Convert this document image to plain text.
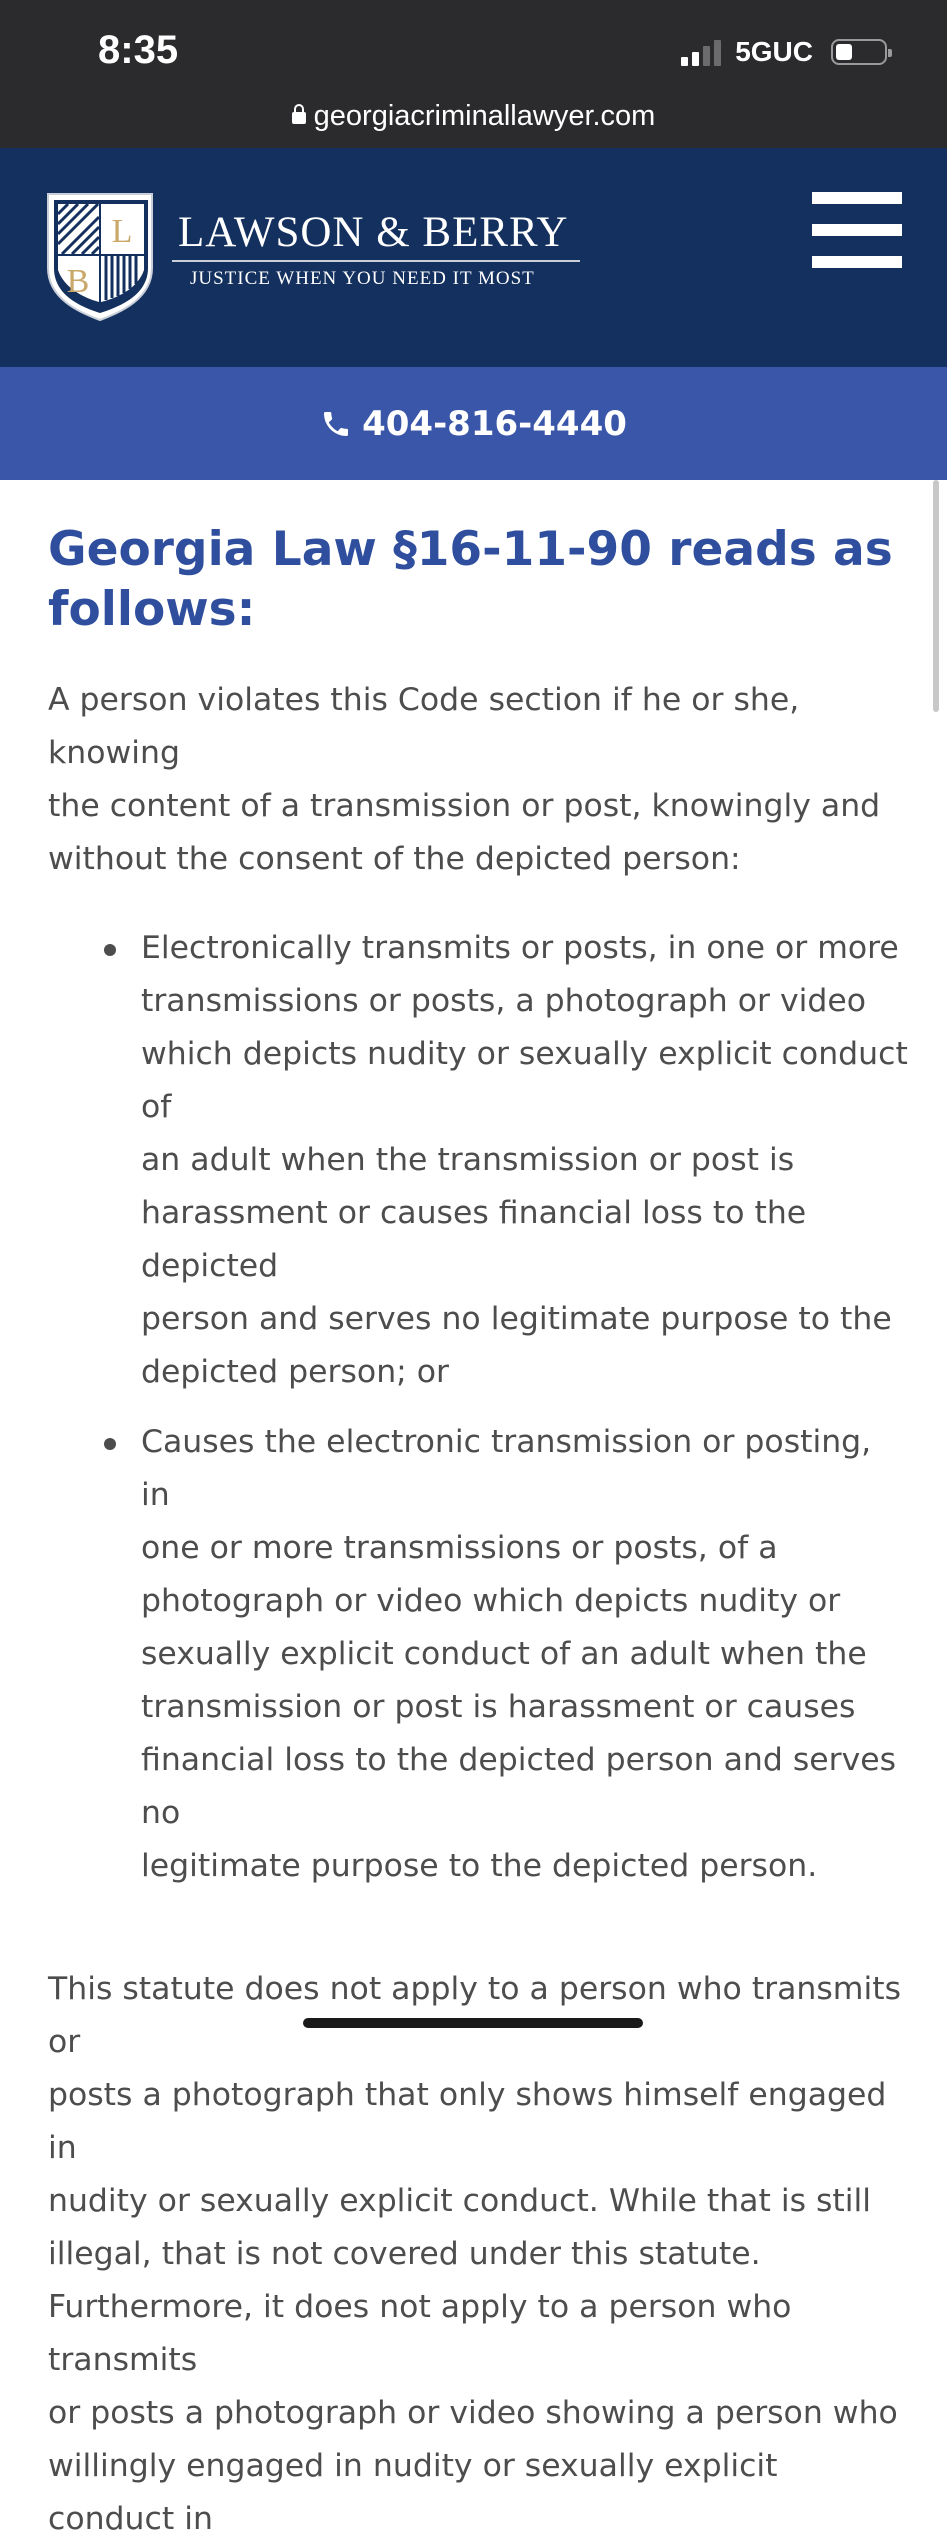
8:35	5GUC
georgiacriminallawyer.com
L
B
LAWSON & BERRY
JUSTICE WHEN YOU NEED IT MOST
404-816-4440
Georgia Law §16-11-90 reads as
follows:

A person violates this Code section if he or she, knowing
the content of a transmission or post, knowingly and
without the consent of the depicted person:

Electronically transmits or posts, in one or more
transmissions or posts, a photograph or video
which depicts nudity or sexually explicit conduct of
an adult when the transmission or post is
harassment or causes financial loss to the depicted
person and serves no legitimate purpose to the
depicted person; or
Causes the electronic transmission or posting, in
one or more transmissions or posts, of a
photograph or video which depicts nudity or
sexually explicit conduct of an adult when the
transmission or post is harassment or causes
financial loss to the depicted person and serves no
legitimate purpose to the depicted person.

This statute does not apply to a person who transmits or
posts a photograph that only shows himself engaged in
nudity or sexually explicit conduct. While that is still
illegal, that is not covered under this statute.
Furthermore, it does not apply to a person who transmits
or posts a photograph or video showing a person who
willingly engaged in nudity or sexually explicit conduct in
